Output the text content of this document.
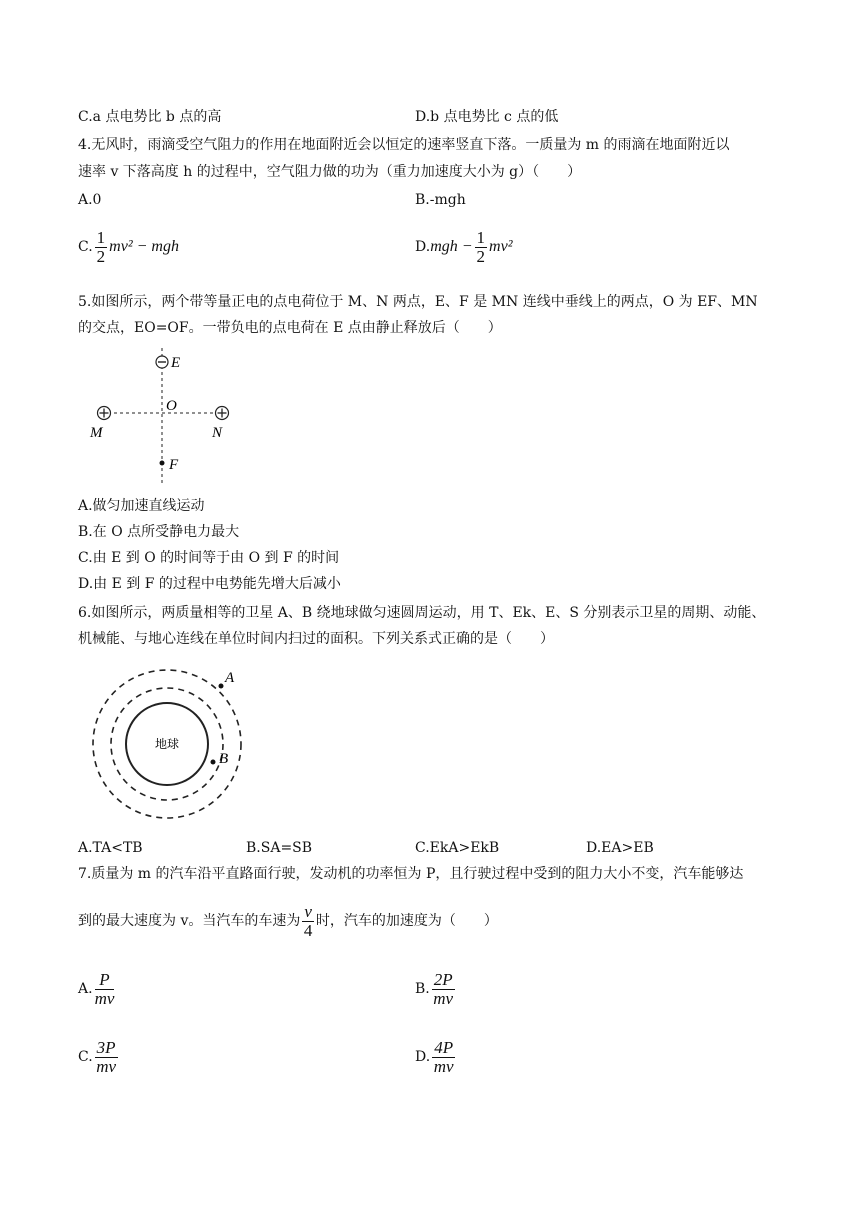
C.a 点电势比 b 点的高	D.b 点电势比 c 点的低
4.无风时，雨滴受空气阻力的作用在地面附近会以恒定的速率竖直下落。一质量为 m 的雨滴在地面附近以
速率 v 下落高度 h 的过程中，空气阻力做的功为（重力加速度大小为 g）（　　）
A.0	B.-mgh
C. $\frac{1}{2} mv^2$ − mgh	$D.mgh - \frac{1}{2} mv^2$
5.如图所示，两个带等量正电的点电荷位于 M、N 两点，E、F 是 MN 连线中垂线上的两点，O 为 EF、MN
的交点，EO=OF。一带负电的点电荷在 E 点由静止释放后（　　）
E
O
M	N
F
A.做匀加速直线运动
B.在 O 点所受静电力最大
C.由 E 到 O 的时间等于由 O 到 F 的时间
D.由 E 到 F 的过程中电势能先增大后减小
6.如图所示，两质量相等的卫星 A、B 绕地球做匀速圆周运动，用 T、Ek、E、S 分别表示卫星的周期、动能、
机械能、与地心连线在单位时间内扫过的面积。下列关系式正确的是（　　）
地球
A
B
A.TA<TB	B.SA=SB	C.EkA>EkB	D.EA>EB
7.质量为 m 的汽车沿平直路面行驶，发动机的功率恒为 P，且行驶过程中受到的阻力大小不变，汽车能够达
到的最大速度为 v。当汽车的车速为 $\frac{v}{4}$ 时，汽车的加速度为（　　）
A. $\frac{P}{mv}$	B. $\frac{2P}{mv}$
C. $\frac{3P}{mv}$	D. $\frac{4P}{mv}$
